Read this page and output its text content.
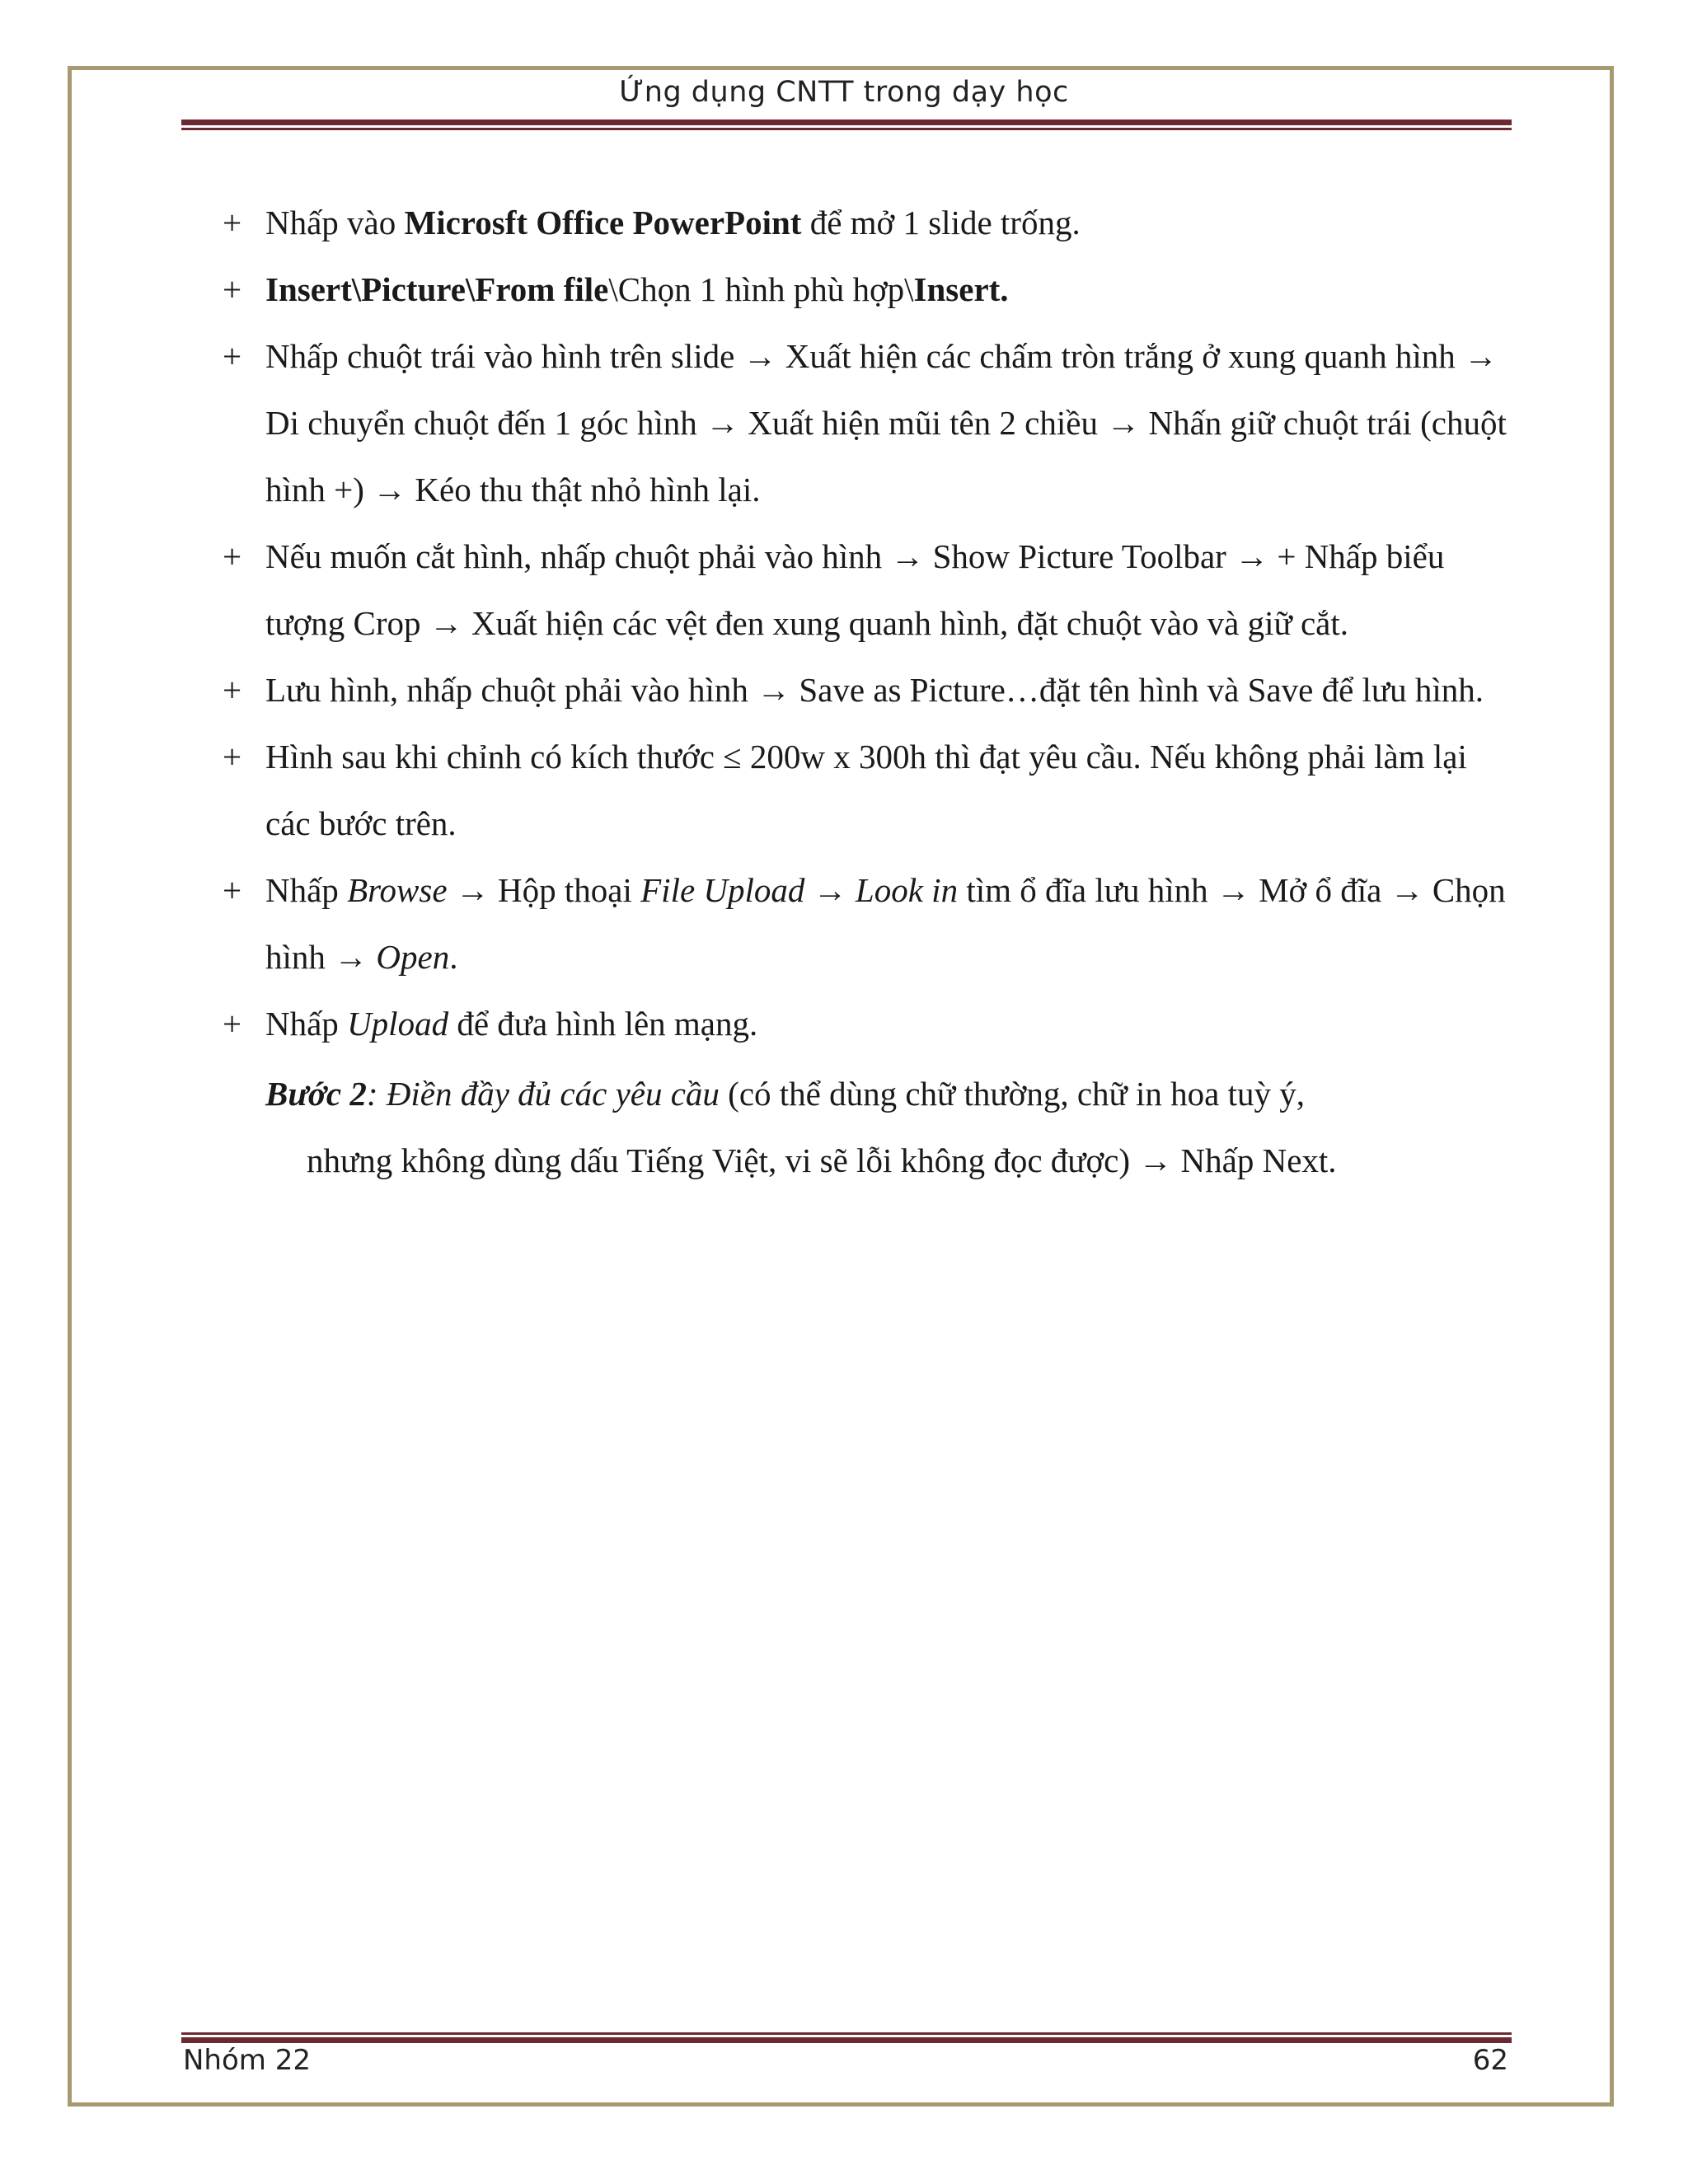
Ứng dụng CNTT trong dạy học
+ Nhấp vào Microsft Office PowerPoint để mở 1 slide trống.
+ Insert\Picture\From file\Chọn 1 hình phù hợp\Insert.
+ Nhấp chuột trái vào hình trên slide → Xuất hiện các chấm tròn trắng ở xung quanh hình → Di chuyển chuột đến 1 góc hình → Xuất hiện mũi tên 2 chiều → Nhấn giữ chuột trái (chuột hình +) → Kéo thu thật nhỏ hình lại.
+ Nếu muốn cắt hình, nhấp chuột phải vào hình → Show Picture Toolbar → + Nhấp biểu tượng Crop → Xuất hiện các vệt đen xung quanh hình, đặt chuột vào và giữ cắt.
+ Lưu hình, nhấp chuột phải vào hình → Save as Picture…đặt tên hình và Save để lưu hình.
+ Hình sau khi chỉnh có kích thước ≤ 200w x 300h thì đạt yêu cầu. Nếu không phải làm lại các bước trên.
+ Nhấp Browse → Hộp thoại File Upload → Look in tìm ổ đĩa lưu hình → Mở ổ đĩa → Chọn hình → Open.
+ Nhấp Upload để đưa hình lên mạng.
Bước 2: Điền đầy đủ các yêu cầu (có thể dùng chữ thường, chữ in hoa tuỳ ý,
nhưng không dùng dấu Tiếng Việt, vi sẽ lỗi không đọc được) → Nhấp Next.
Nhóm 22	62
